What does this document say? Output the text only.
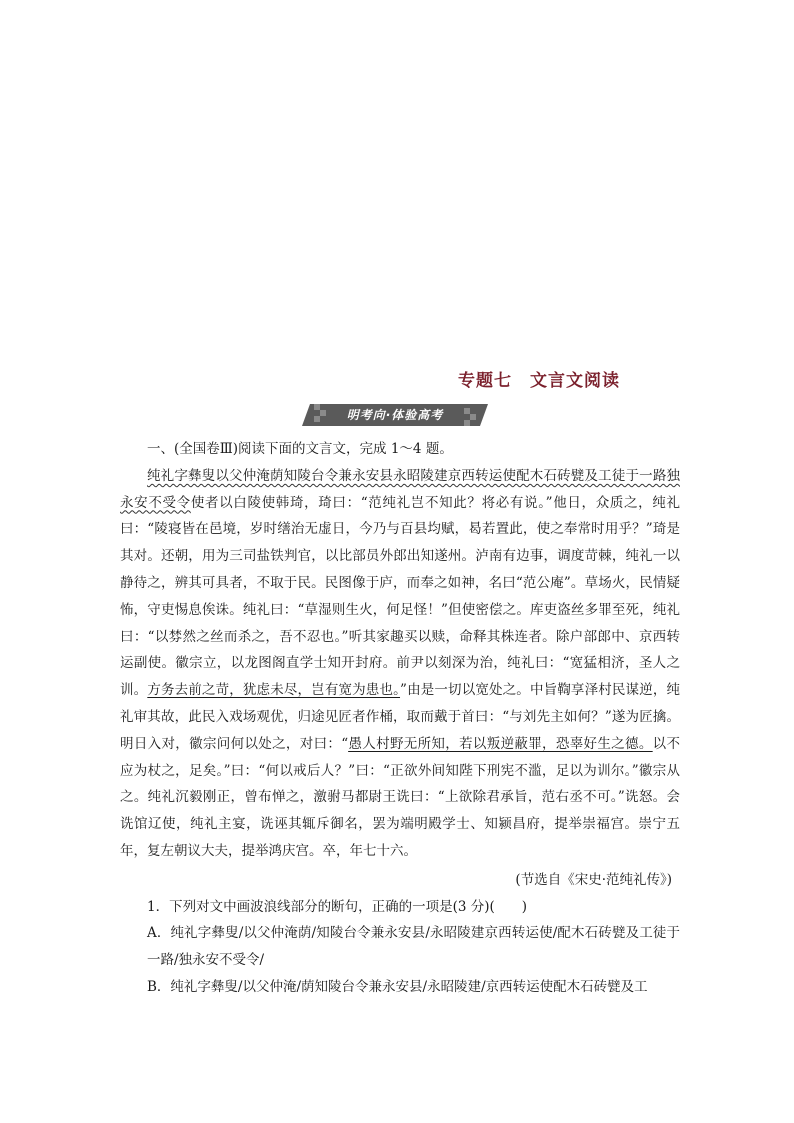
专题七 文言文阅读
明考向·体验高考

一、(全国卷Ⅲ)阅读下面的文言文，完成 1～4 题。

纯礼字彝叟以父仲淹荫知陵台令兼永安县永昭陵建京西转运使配木石砖甓及工徒于一路独永安不受令使者以白陵使韩琦，琦曰：“范纯礼岂不知此？将必有说。”他日，众质之，纯礼曰：“陵寝皆在邑境，岁时缮治无虚日，今乃与百县均赋，曷若置此，使之奉常时用乎？”琦是其对。还朝，用为三司盐铁判官，以比部员外郎出知遂州。泸南有边事，调度苛棘，纯礼一以静待之，辨其可具者，不取于民。民图像于庐，而奉之如神，名曰“范公庵”。草场火，民情疑怖，守吏惕息俟诛。纯礼曰：“草湿则生火，何足怪！”但使密偿之。库吏盗丝多罪至死，纯礼曰：“以棼然之丝而杀之，吾不忍也。”听其家趣买以赎，命释其株连者。除户部郎中、京西转运副使。徽宗立，以龙图阁直学士知开封府。前尹以刻深为治，纯礼曰：“宽猛相济，圣人之训。方务去前之苛，犹虑未尽，岂有宽为患也。”由是一切以宽处之。中旨鞫享泽村民谋逆，纯礼审其故，此民入戏场观优，归途见匠者作桶，取而戴于首曰：“与刘先主如何？”遂为匠擒。明日入对，徽宗问何以处之，对曰：“愚人村野无所知，若以叛逆蔽罪，恐辜好生之德。以不应为杖之，足矣。”曰：“何以戒后人？”曰：“正欲外间知陛下刑宪不滥，足以为训尔。”徽宗从之。纯礼沉毅刚正，曾布惮之，激驸马都尉王诜曰：“上欲除君承旨，范右丞不可。”诜怒。会诜馆辽使，纯礼主宴，诜诬其辄斥御名，罢为端明殿学士、知颍昌府，提举崇福宫。崇宁五年，复左朝议大夫，提举鸿庆宫。卒，年七十六。

(节选自《宋史·范纯礼传》)

1．下列对文中画波浪线部分的断句，正确的一项是(3 分)(　　)

A．纯礼字彝叟/以父仲淹荫/知陵台令兼永安县/永昭陵建京西转运使/配木石砖甓及工徒于一路/独永安不受令/

B．纯礼字彝叟/以父仲淹/荫知陵台令兼永安县/永昭陵建/京西转运使配木石砖甓及工
